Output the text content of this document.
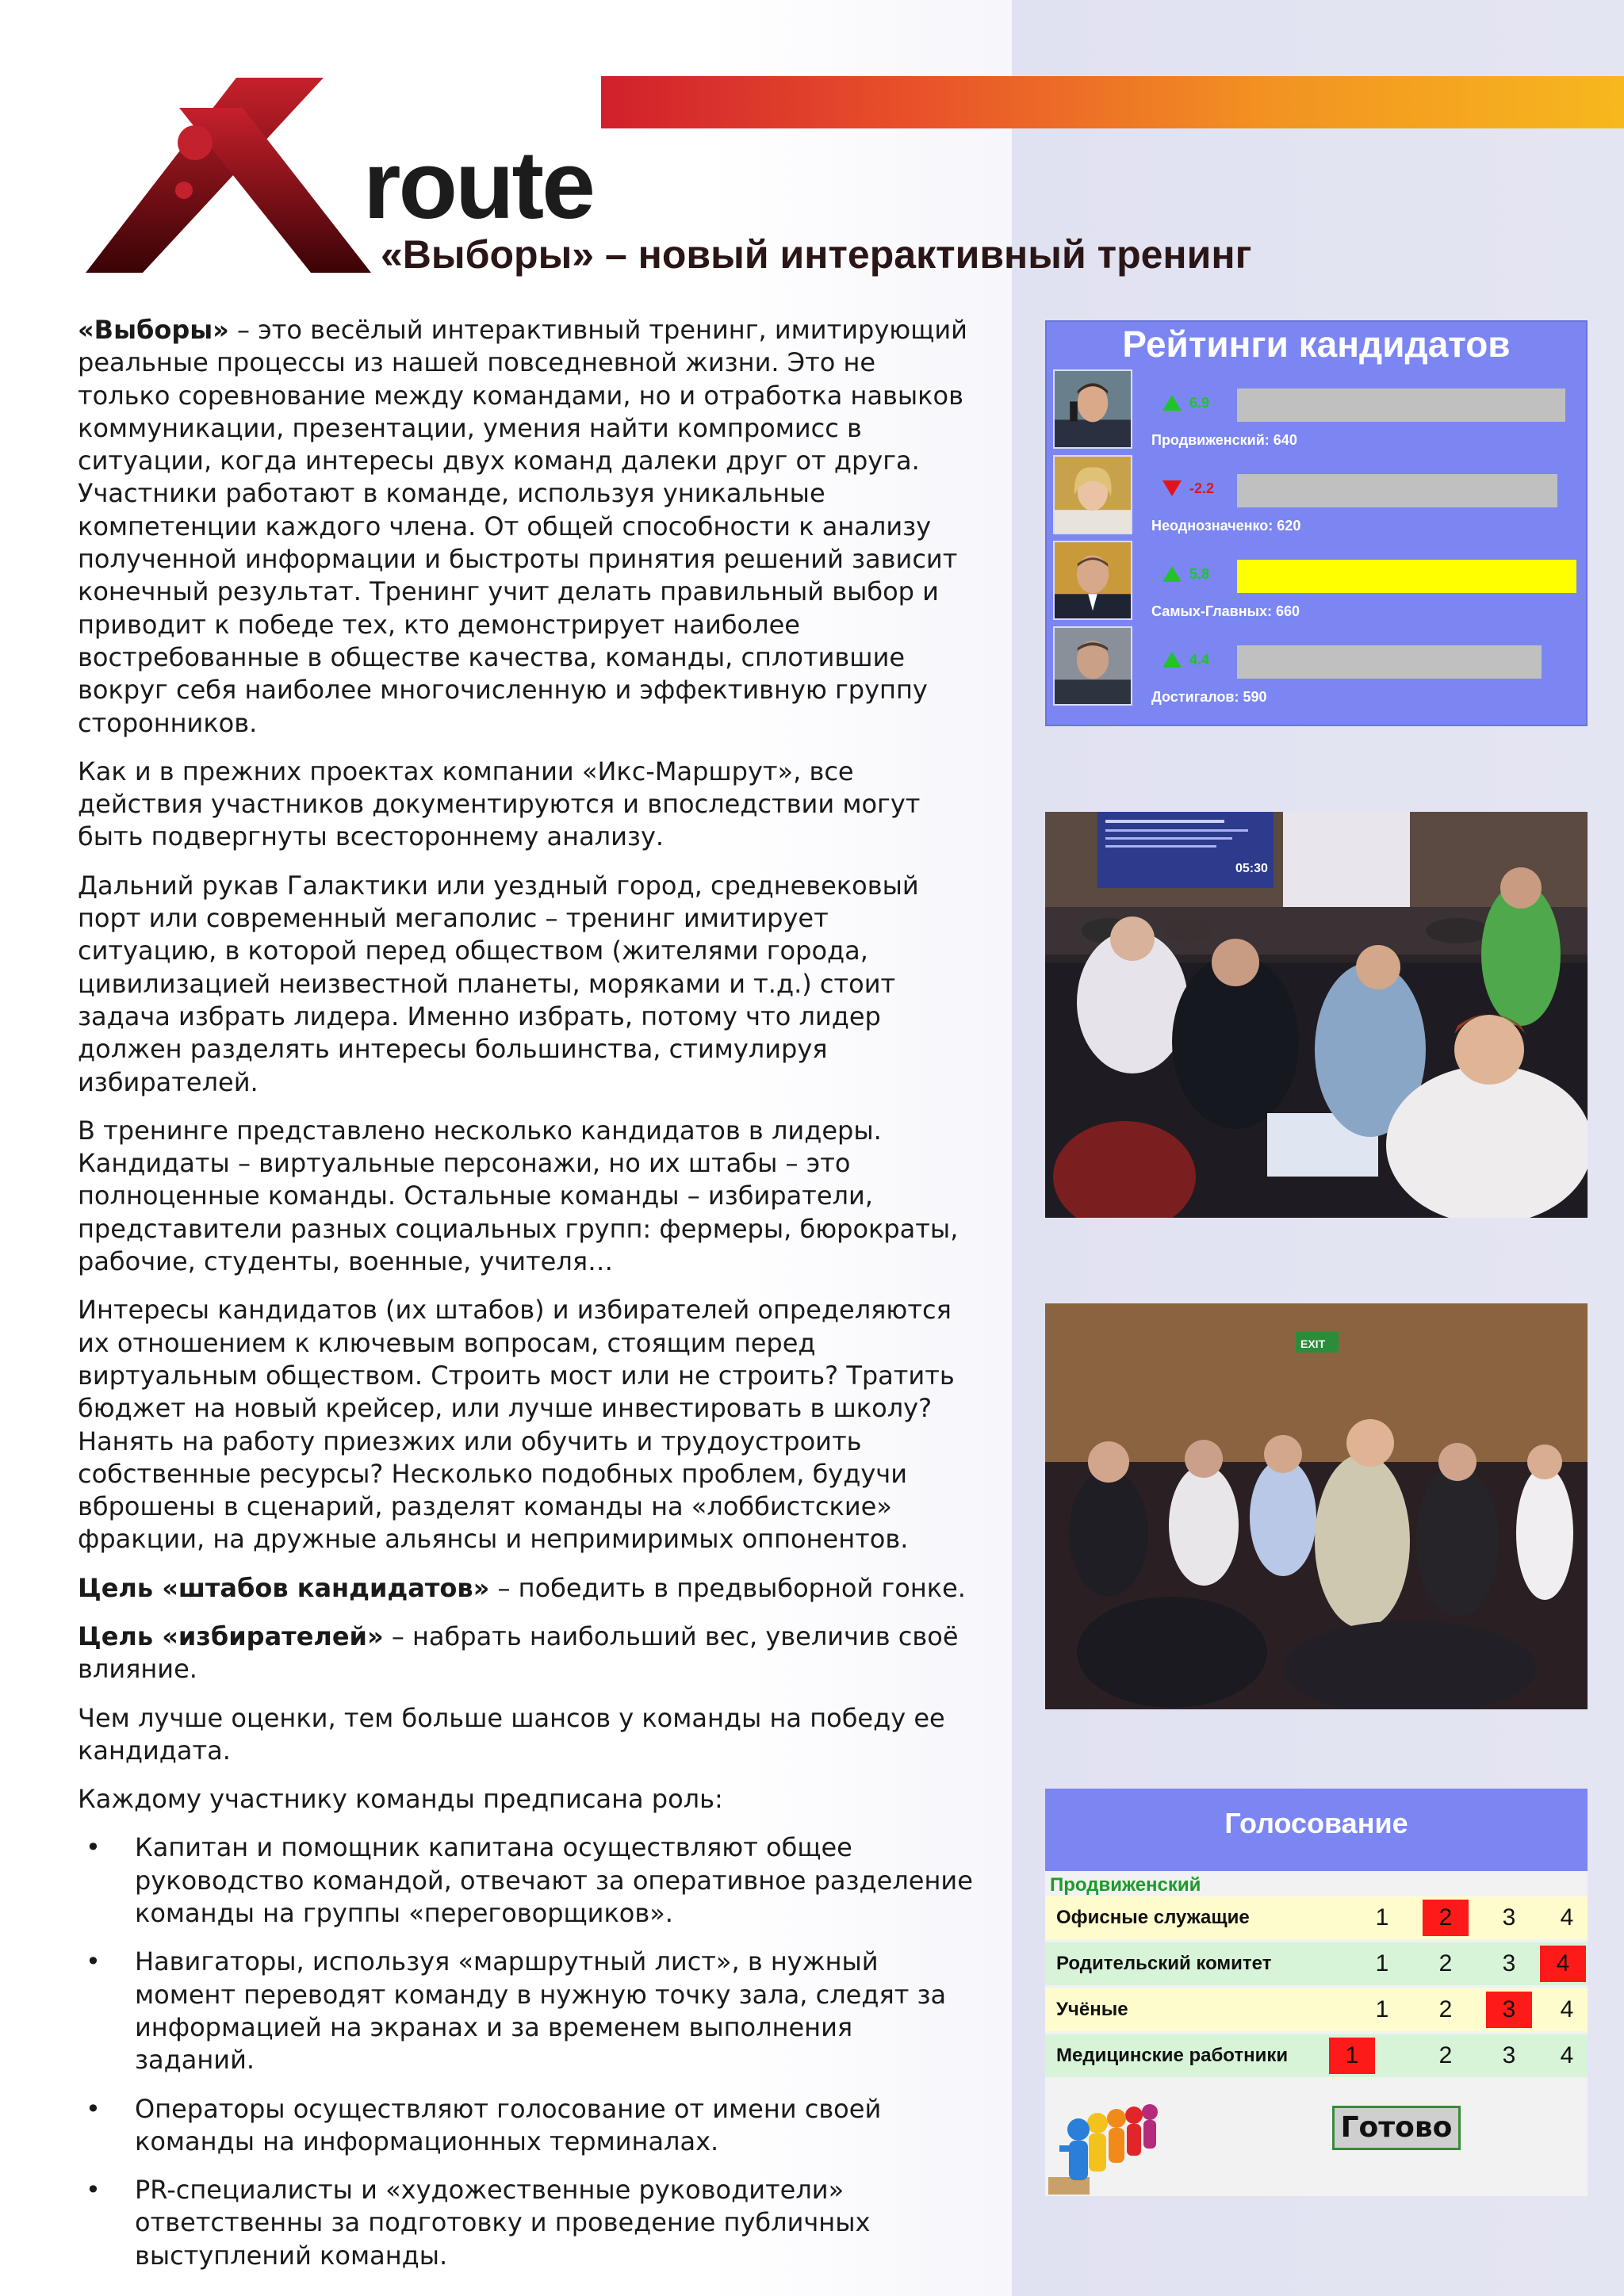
route
«Выборы» – новый интерактивный тренинг

«Выборы» – это весёлый интерактивный тренинг, имитирующий реальные процессы из нашей повседневной жизни. Это не только соревнование между командами, но и отработка навыков коммуникации, презентации, умения найти компромисс в ситуации, когда интересы двух команд далеки друг от друга. Участники работают в команде, используя уникальные компетенции каждого члена. От общей способности к анализу полученной информации и быстроты принятия решений зависит конечный результат. Тренинг учит делать правильный выбор и приводит к победе тех, кто демонстрирует наиболее востребованные в обществе качества, команды, сплотившие вокруг себя наиболее многочисленную и эффективную группу сторонников.

Как и в прежних проектах компании «Икс-Маршрут», все действия участников документируются и впоследствии могут быть подвергнуты всестороннему анализу.

Дальний рукав Галактики или уездный город, средневековый порт или современный мегаполис – тренинг имитирует ситуацию, в которой перед обществом (жителями города, цивилизацией неизвестной планеты, моряками и т.д.) стоит задача избрать лидера. Именно избрать, потому что лидер должен разделять интересы большинства, стимулируя избирателей.

В тренинге представлено несколько кандидатов в лидеры. Кандидаты – виртуальные персонажи, но их штабы – это полноценные команды. Остальные команды – избиратели, представители разных социальных групп: фермеры, бюрократы, рабочие, студенты, военные, учителя…

Интересы кандидатов (их штабов) и избирателей определяются их отношением к ключевым вопросам, стоящим перед виртуальным обществом. Строить мост или не строить? Тратить бюджет на новый крейсер, или лучше инвестировать в школу? Нанять на работу приезжих или обучить и трудоустроить собственные ресурсы? Несколько подобных проблем, будучи вброшены в сценарий, разделят команды на «лоббистские» фракции, на дружные альянсы и непримиримых оппонентов.

Цель «штабов кандидатов» – победить в предвыборной гонке.

Цель «избирателей» – набрать наибольший вес, увеличив своё влияние.

Чем лучше оценки, тем больше шансов у команды на победу ее кандидата.

Каждому участнику команды предписана роль:

• Капитан и помощник капитана осуществляют общее руководство командой, отвечают за оперативное разделение команды на группы «переговорщиков».
• Навигаторы, используя «маршрутный лист», в нужный момент переводят команду в нужную точку зала, следят за информацией на экранах и за временем выполнения заданий.
• Операторы осуществляют голосование от имени своей команды на информационных терминалах.
• PR-специалисты и «художественные руководители» ответственны за подготовку и проведение публичных выступлений команды.
Рейтинги кандидатов
6.9
Продвиженский: 640
-2.2
Неоднозначенко: 620
5.8
Самых-Главных: 660
4.4
Достигалов: 590
05:30
EXIT
Голосование
Продвиженский
Офисные служащие	1	2	3	4
Родительский комитет	1	2	3	4
Учёные	1	2	3	4
Медицинские работники	1	2	3	4
Готово
